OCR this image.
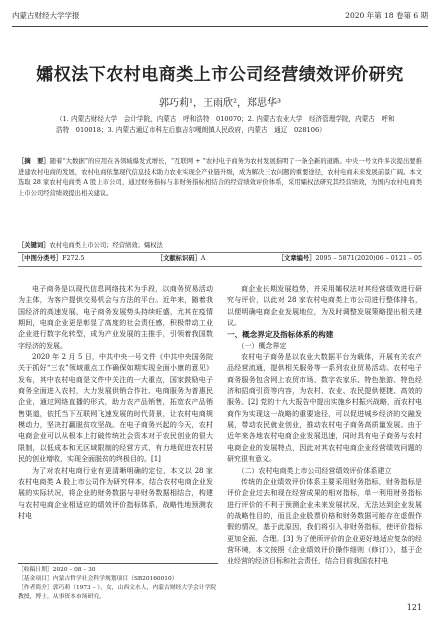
内蒙古财经大学学报	2020 年第 18 卷第 6 期
孀权法下农村电商类上市公司经营绩效评价研究
郭巧莉¹，王雨欣²，郑思华³
（1. 内蒙古财经大学　会计学院，内蒙古　呼和浩特　010070；2. 内蒙古农业大学　经济管理学院，内蒙古　呼和浩特　010018；3. 内蒙古通辽市科左后旗吉尔嘎朗镇人民政府，内蒙古　通辽　028106）
［摘　要］随着“大数据”的应用在各领域爆发式增长，“互联网 + ”农村电子商务为农村发展指明了一条全新的道路。中央一号文件多次提出要推进建农村电商的发展，农村电商依靠现代信息技术助力农业实现全产业链升级，成为解决三农问题的重要途径，农村电商未来发展前景广阔。本文选取 28 家农村电商类 A 股上市公司，通过财务指标与非财务指标相结合的经营绩效评价体系，采用孀权法研究其经营绩效，为国内农村电商类上市公司经营绩效提出相关建议。
［关键词］农村电商类上市公司；经营绩效；孀权法
［中图分类号］F272.5	［文献标识码］A	［文章编号］2095 – 5871(2020)06 – 0121 – 05

电子商务是以现代信息网络技术为手段，以商务贸易活动为主体，为客户提供交易机会与方法的平台。近年来，随着我国经济的高速发展，电子商务发展势头持续旺盛，尤其在疫情期间，电商企业更是彰显了高度的社会责任感，积极带动工业企业进行数字化转型，成为产业发展的主推手，引领着我国数字经济的发展。

2020 年 2 月 5 日，中共中央一号文件《中共中央国务院关于抓好“三农”领域重点工作确保如期实现全面小康的意见》发布，其中农村电商是文件中关注的一大重点，国家鼓励电子商务全面进入农村，大力发展供销合作社、电商服务为普惠民企业，通过网络直播的形式，助力农产品销售，拓宽农产品销售渠道，依托当下互联网飞速发展的时代背景，让农村电商规模动力，坚决打赢脱贫攻坚战。在电子商务兴起的今天，农村电商企业可以从根本上打破传统社会资本对于农民创业的很大限制，以低成本和无区域限制的经营方式，有力地促进农村居民的创业增收，实现全面脱贫的终极目的。[1]

为了对农村电商行业有更清晰明确的定位，本文以 28 家农村电商类 A 股上市公司作为研究样本，结合农村电商企业发展的实际状况，将企业的财务数据与非财务数据相结合，构建与农村电商企业相适应的绩效评价指标体系，战略性地预测农村电

商企业长期发展趋势，并采用孀权法对其经营绩效进行研究与评价，以此对 28 家农村电商类上市公司进行整体排名，以便明确电商企业发展地位，为及时调整发展策略提出相关建议。

一、概念界定及指标体系的构建
（一）概念界定

农村电子商务是以农业大数据平台为载体，开展有关农产品经营流通，提供相关服务等一系列农业贸易活动。农村电子商务服务包含网上农贸市场、数字农家乐、特色旅游、特色经济和招商引资等内容，为农村、农业、农民提供便捷、高效的服务。[2] 党的十九大报告中提出实施乡村振兴战略，而农村电商作为实现这一战略的重要途径，可以促进城乡经济的交融发展，带动农民就业创业，推动农村电子商务高质量发展。由于近年来各地农村电商企业发展迅速，同时具有电子商务与农村电商企业的发展特点，因此对其农村电商企业经营绩效问题的研究很有意义。

（二）农村电商类上市公司经营绩效评价体系建立

传统的企业绩效评价体系主要采用财务指标，财务指标是评价企业过去和现在经营成果的相对指标，单一利用财务指标进行评价的不利于预测企业未来发展状况，无法达到企业发展的战略性目的，而且企业股票价格和财务数据可能存在虚假作假的情况，基于此原因，我们将引入非财务指标，使评价指标更加全面、合理。[3] 为了使所评价的企业更好地适应复杂的经营环境，本文按照《企业绩效评价操作细则（修订）》，基于企业经营的经济目标和社会责任，结合目前我国农村电

［收稿日期］2020 – 08 – 30
［基金项目］内蒙古哲学社会科学规划项目（SB20160010）
［作者简介］郭巧莉（1973 – ），女，山西文水人，内蒙古财经大学会计学院教授，博士，从事资本市场研究。
121
